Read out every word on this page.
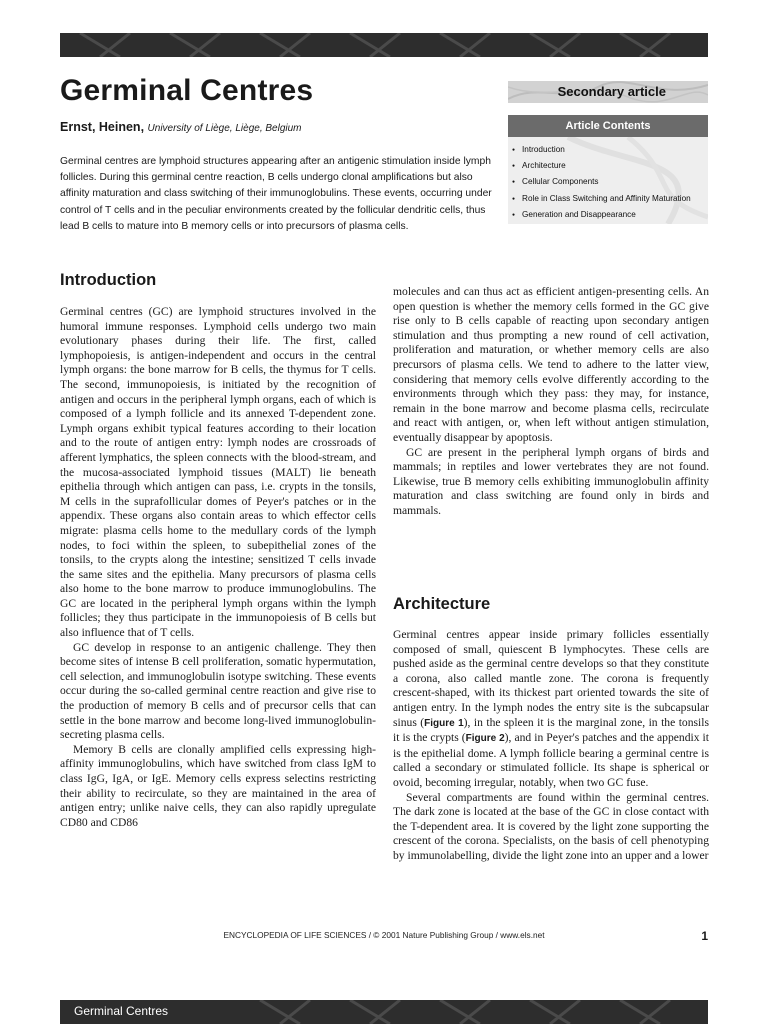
Germinal Centres
Ernst, Heinen, University of Liège, Liège, Belgium

Germinal centres are lymphoid structures appearing after an antigenic stimulation inside lymph follicles. During this germinal centre reaction, B cells undergo clonal amplifications but also affinity maturation and class switching of their immunoglobulins. These events, occurring under control of T cells and in the peculiar environments created by the follicular dendritic cells, thus lead B cells to mature into B memory cells or into precursors of plasma cells.

Secondary article
Article Contents
● Introduction
● Architecture
● Cellular Components
● Role in Class Switching and Affinity Maturation
● Generation and Disappearance
Introduction

Germinal centres (GC) are lymphoid structures involved in the humoral immune responses. Lymphoid cells undergo two main evolutionary phases during their life. The first, called lymphopoiesis, is antigen-independent and occurs in the central lymph organs: the bone marrow for B cells, the thymus for T cells. The second, immunopoiesis, is initiated by the recognition of antigen and occurs in the peripheral lymph organs, each of which is composed of a lymph follicle and its annexed T-dependent zone. Lymph organs exhibit typical features according to their location and to the route of antigen entry: lymph nodes are crossroads of afferent lymphatics, the spleen connects with the blood-stream, and the mucosa-associated lymphoid tissues (MALT) lie beneath epithelia through which antigen can pass, i.e. crypts in the tonsils, M cells in the suprafollicular domes of Peyer's patches or in the appendix. These organs also contain areas to which effector cells migrate: plasma cells home to the medullary cords of the lymph nodes, to foci within the spleen, to subepithelial zones of the tonsils, to the crypts along the intestine; sensitized T cells invade the same sites and the epithelia. Many precursors of plasma cells also home to the bone marrow to produce immunoglobulins. The GC are located in the peripheral lymph organs within the lymph follicles; they thus participate in the immunopoiesis of B cells but also influence that of T cells.

GC develop in response to an antigenic challenge. They then become sites of intense B cell proliferation, somatic hypermutation, cell selection, and immunoglobulin isotype switching. These events occur during the so-called germinal centre reaction and give rise to the production of memory B cells and of precursor cells that can settle in the bone marrow and become long-lived immunoglobulin-secreting plasma cells.

Memory B cells are clonally amplified cells expressing high-affinity immunoglobulins, which have switched from class IgM to class IgG, IgA, or IgE. Memory cells express selectins restricting their ability to recirculate, so they are maintained in the area of antigen entry; unlike naive cells, they can also rapidly upregulate CD80 and CD86

molecules and can thus act as efficient antigen-presenting cells. An open question is whether the memory cells formed in the GC give rise only to B cells capable of reacting upon secondary antigen stimulation and thus prompting a new round of cell activation, proliferation and maturation, or whether memory cells are also precursors of plasma cells. We tend to adhere to the latter view, considering that memory cells evolve differently according to the environments through which they pass: they may, for instance, remain in the bone marrow and become plasma cells, recirculate and react with antigen, or, when left without antigen stimulation, eventually disappear by apoptosis.

GC are present in the peripheral lymph organs of birds and mammals; in reptiles and lower vertebrates they are not found. Likewise, true B memory cells exhibiting immunoglobulin affinity maturation and class switching are found only in birds and mammals.

Architecture

Germinal centres appear inside primary follicles essentially composed of small, quiescent B lymphocytes. These cells are pushed aside as the germinal centre develops so that they constitute a corona, also called mantle zone. The corona is frequently crescent-shaped, with its thickest part oriented towards the site of antigen entry. In the lymph nodes the entry site is the subcapsular sinus (Figure 1), in the spleen it is the marginal zone, in the tonsils it is the crypts (Figure 2), and in Peyer's patches and the appendix it is the epithelial dome. A lymph follicle bearing a germinal centre is called a secondary or stimulated follicle. Its shape is spherical or ovoid, becoming irregular, notably, when two GC fuse.

Several compartments are found within the germinal centres. The dark zone is located at the base of the GC in close contact with the T-dependent area. It is covered by the light zone supporting the crescent of the corona. Specialists, on the basis of cell phenotyping by immunolabelling, divide the light zone into an upper and a lower

ENCYCLOPEDIA OF LIFE SCIENCES / © 2001 Nature Publishing Group / www.els.net	1
Germinal Centres
